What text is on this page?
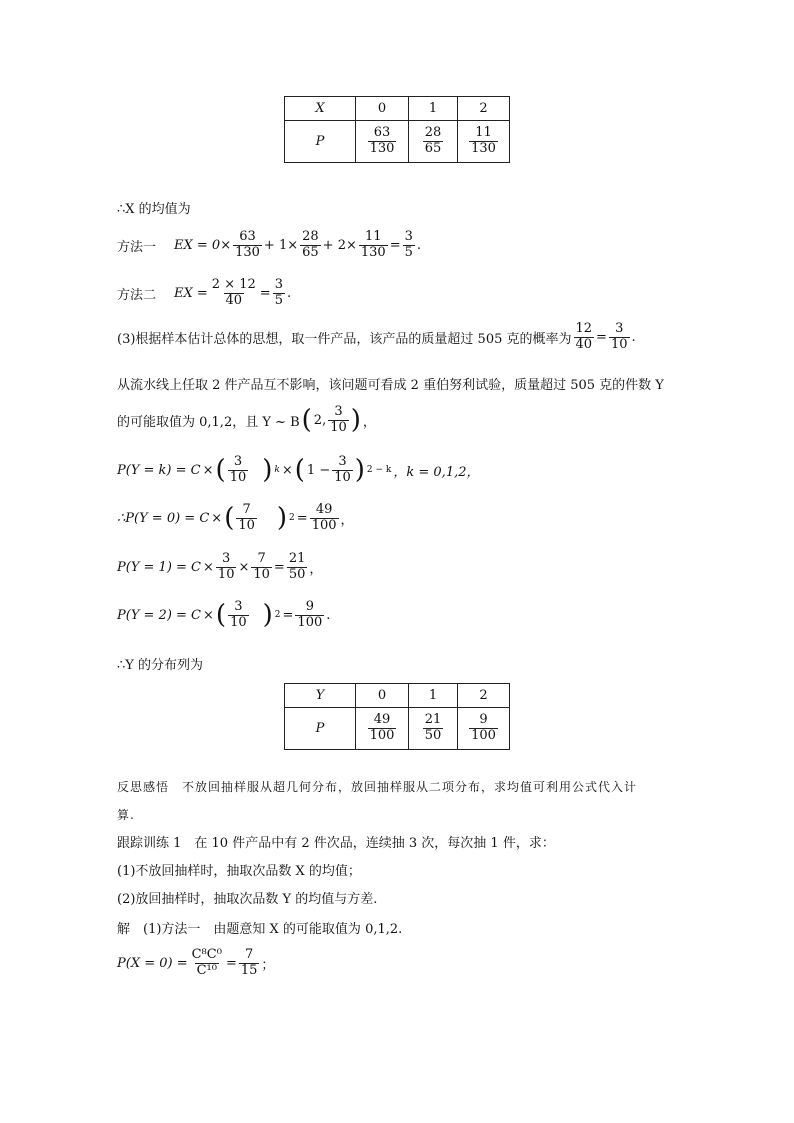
X	0	1	2
P	$\frac{63}{130}$	$\frac{28}{65}$	$\frac{11}{130}$
∴X 的均值为
方法一 EX = $0\times \frac{63}{130} + 1\times \frac{28}{65} + 2\times \frac{11}{130} = \frac{3}{5}$ .
方法二 EX = $\frac{2 \times 12}{40} = \frac{3}{5}$ .
(3)根据样本估计总体的思想，取一件产品，该产品的质量超过 505 克的概率为 $\frac{12}{40} = \frac{3}{10}$ .
从流水线上任取 2 件产品互不影响，该问题可看成 2 重伯努利试验，质量超过 505 克的件数 Y
的可能取值为 0,1,2，且 Y ~ B ( 2, $\frac{3}{10}$ ) ，
P(Y = k) = C × ( $\frac{3}{10}$ ) k × ( $1 - \frac{3}{10}$ ) 2 − k ，k = 0,1,2，
∴P(Y = 0) = C × ( $\frac{7}{10}$ ) $2 = \frac{49}{100}$ ，
$P(Y = 1) = C \times \frac{3}{10} \times \frac{7}{10} = \frac{21}{50}$ ，
P(Y = 2) = C × ( $\frac{3}{10}$ ) $2 = \frac{9}{100}$ .
∴Y 的分布列为
Y	0	1	2
P	$\frac{49}{100}$	$\frac{21}{50}$	$\frac{9}{100}$
反思感悟　不放回抽样服从超几何分布，放回抽样服从二项分布，求均值可利用公式代入计
算.
跟踪训练 1　在 10 件产品中有 2 件次品，连续抽 3 次，每次抽 1 件，求：
(1)不放回抽样时，抽取次品数 X 的均值；
(2)放回抽样时，抽取次品数 Y 的均值与方差.
解　(1)方法一　由题意知 X 的可能取值为 0,1,2.
$P(X = 0) = \frac{\text{C⁸C⁰}}{\text{C¹⁰}} = \frac{7}{15}$ ；
